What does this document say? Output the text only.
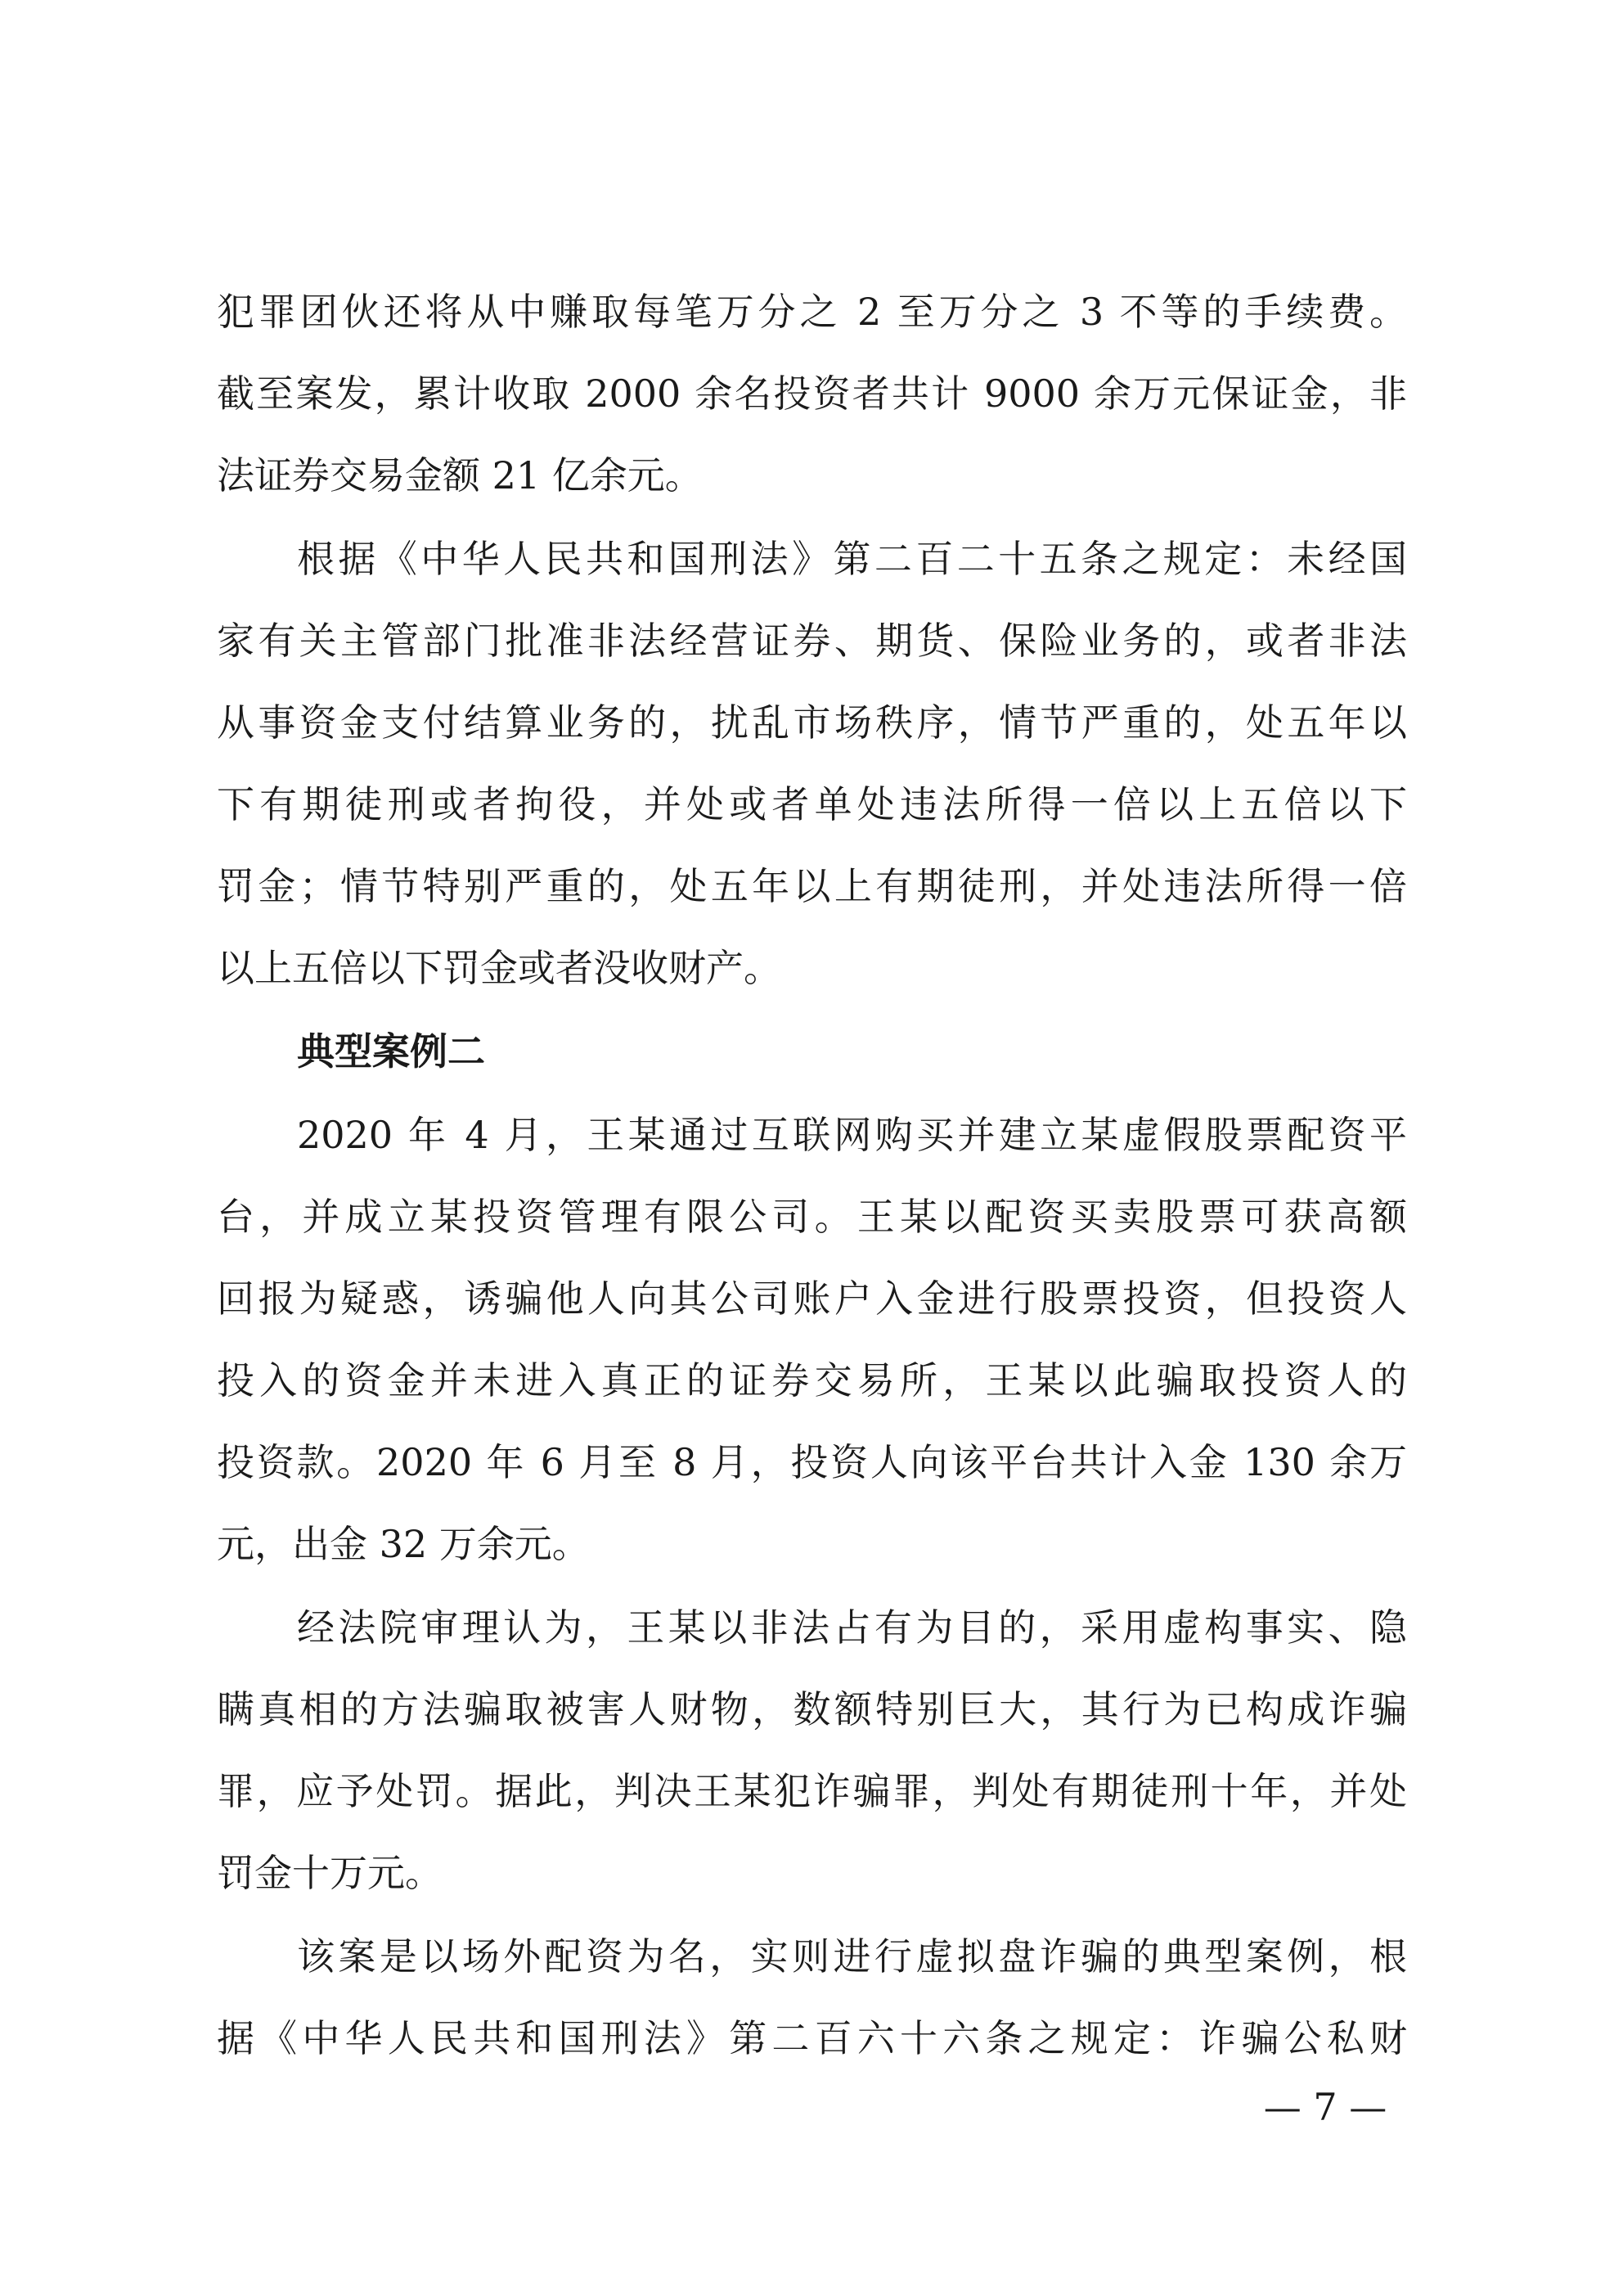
犯罪团伙还将从中赚取每笔万分之 2 至万分之 3 不等的手续费。
截至案发，累计收取 2000 余名投资者共计 9000 余万元保证金，非
法证券交易金额 21 亿余元。
根据《中华人民共和国刑法》第二百二十五条之规定：未经国
家有关主管部门批准非法经营证券、期货、保险业务的，或者非法
从事资金支付结算业务的，扰乱市场秩序，情节严重的，处五年以
下有期徒刑或者拘役，并处或者单处违法所得一倍以上五倍以下
罚金；情节特别严重的，处五年以上有期徒刑，并处违法所得一倍
以上五倍以下罚金或者没收财产。
典型案例二
2020 年 4 月，王某通过互联网购买并建立某虚假股票配资平
台，并成立某投资管理有限公司。王某以配资买卖股票可获高额
回报为疑惑，诱骗他人向其公司账户入金进行股票投资，但投资人
投入的资金并未进入真正的证券交易所，王某以此骗取投资人的
投资款。2020 年 6 月至 8 月，投资人向该平台共计入金 130 余万
元，出金 32 万余元。
经法院审理认为，王某以非法占有为目的，采用虚构事实、隐
瞒真相的方法骗取被害人财物，数额特别巨大，其行为已构成诈骗
罪，应予处罚。据此，判决王某犯诈骗罪，判处有期徒刑十年，并处
罚金十万元。
该案是以场外配资为名，实则进行虚拟盘诈骗的典型案例，根
据《中华人民共和国刑法》第二百六十六条之规定：诈骗公私财
— 7 —
